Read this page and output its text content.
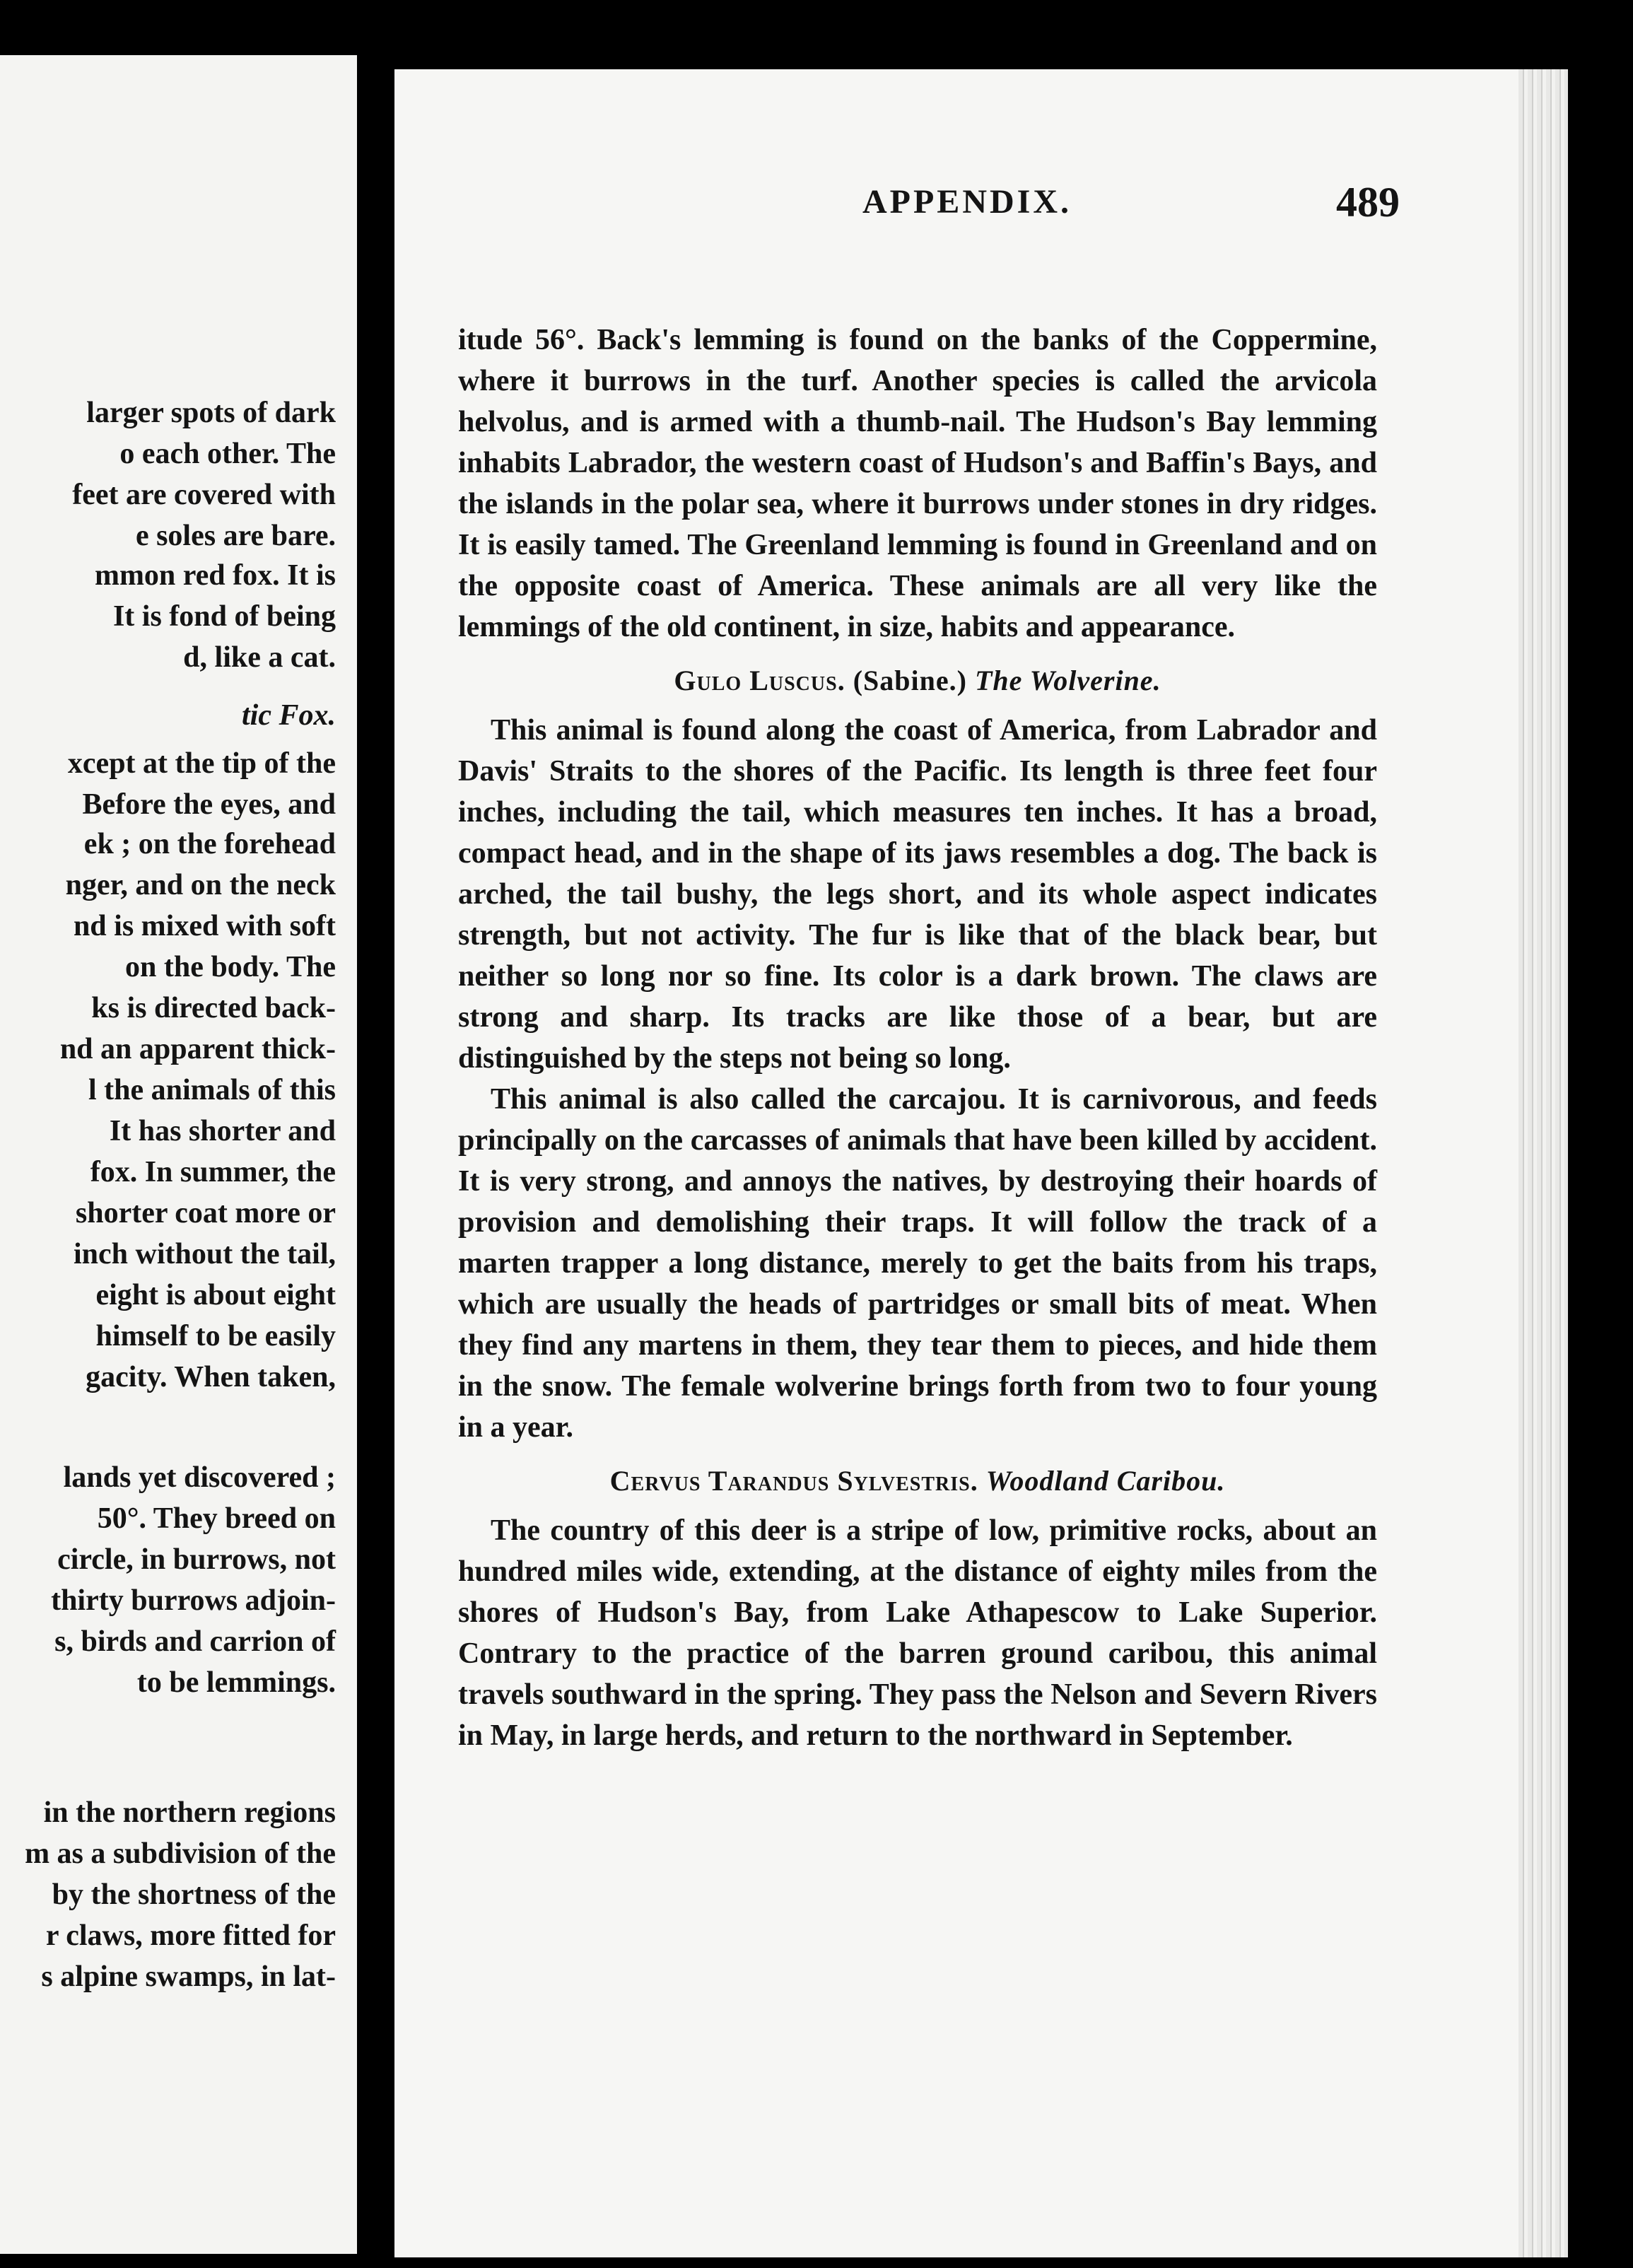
larger spots of dark
o each other. The
feet are covered with
e soles are bare.
mmon red fox. It is
It is fond of being
d, like a cat.
tic Fox.
xcept at the tip of the
Before the eyes, and
ek ; on the forehead
nger, and on the neck
nd is mixed with soft
on the body. The
ks is directed back-
nd an apparent thick-
l the animals of this
It has shorter and
fox. In summer, the
shorter coat more or
inch without the tail,
eight is about eight
himself to be easily
gacity. When taken,
lands yet discovered ;
50°. They breed on
circle, in burrows, not
thirty burrows adjoin-
s, birds and carrion of
to be lemmings.
in the northern regions
m as a subdivision of the
by the shortness of the
r claws, more fitted for
s alpine swamps, in lat-
APPENDIX.	489

itude 56°. Back's lemming is found on the banks of the Coppermine, where it burrows in the turf. Another species is called the arvicola helvolus, and is armed with a thumb-nail. The Hudson's Bay lemming inhabits Labrador, the western coast of Hudson's and Baffin's Bays, and the islands in the polar sea, where it burrows under stones in dry ridges. It is easily tamed. The Greenland lemming is found in Greenland and on the opposite coast of America. These animals are all very like the lemmings of the old continent, in size, habits and appearance.

Gulo Luscus. (Sabine.) The Wolverine.

This animal is found along the coast of America, from Labrador and Davis' Straits to the shores of the Pacific. Its length is three feet four inches, including the tail, which measures ten inches. It has a broad, compact head, and in the shape of its jaws resembles a dog. The back is arched, the tail bushy, the legs short, and its whole aspect indicates strength, but not activity. The fur is like that of the black bear, but neither so long nor so fine. Its color is a dark brown. The claws are strong and sharp. Its tracks are like those of a bear, but are distinguished by the steps not being so long.

This animal is also called the carcajou. It is carnivorous, and feeds principally on the carcasses of animals that have been killed by accident. It is very strong, and annoys the natives, by destroying their hoards of provision and demolishing their traps. It will follow the track of a marten trapper a long distance, merely to get the baits from his traps, which are usually the heads of partridges or small bits of meat. When they find any martens in them, they tear them to pieces, and hide them in the snow. The female wolverine brings forth from two to four young in a year.

Cervus Tarandus Sylvestris. Woodland Caribou.

The country of this deer is a stripe of low, primitive rocks, about an hundred miles wide, extending, at the distance of eighty miles from the shores of Hudson's Bay, from Lake Athapescow to Lake Superior. Contrary to the practice of the barren ground caribou, this animal travels southward in the spring. They pass the Nelson and Severn Rivers in May, in large herds, and return to the northward in September.
